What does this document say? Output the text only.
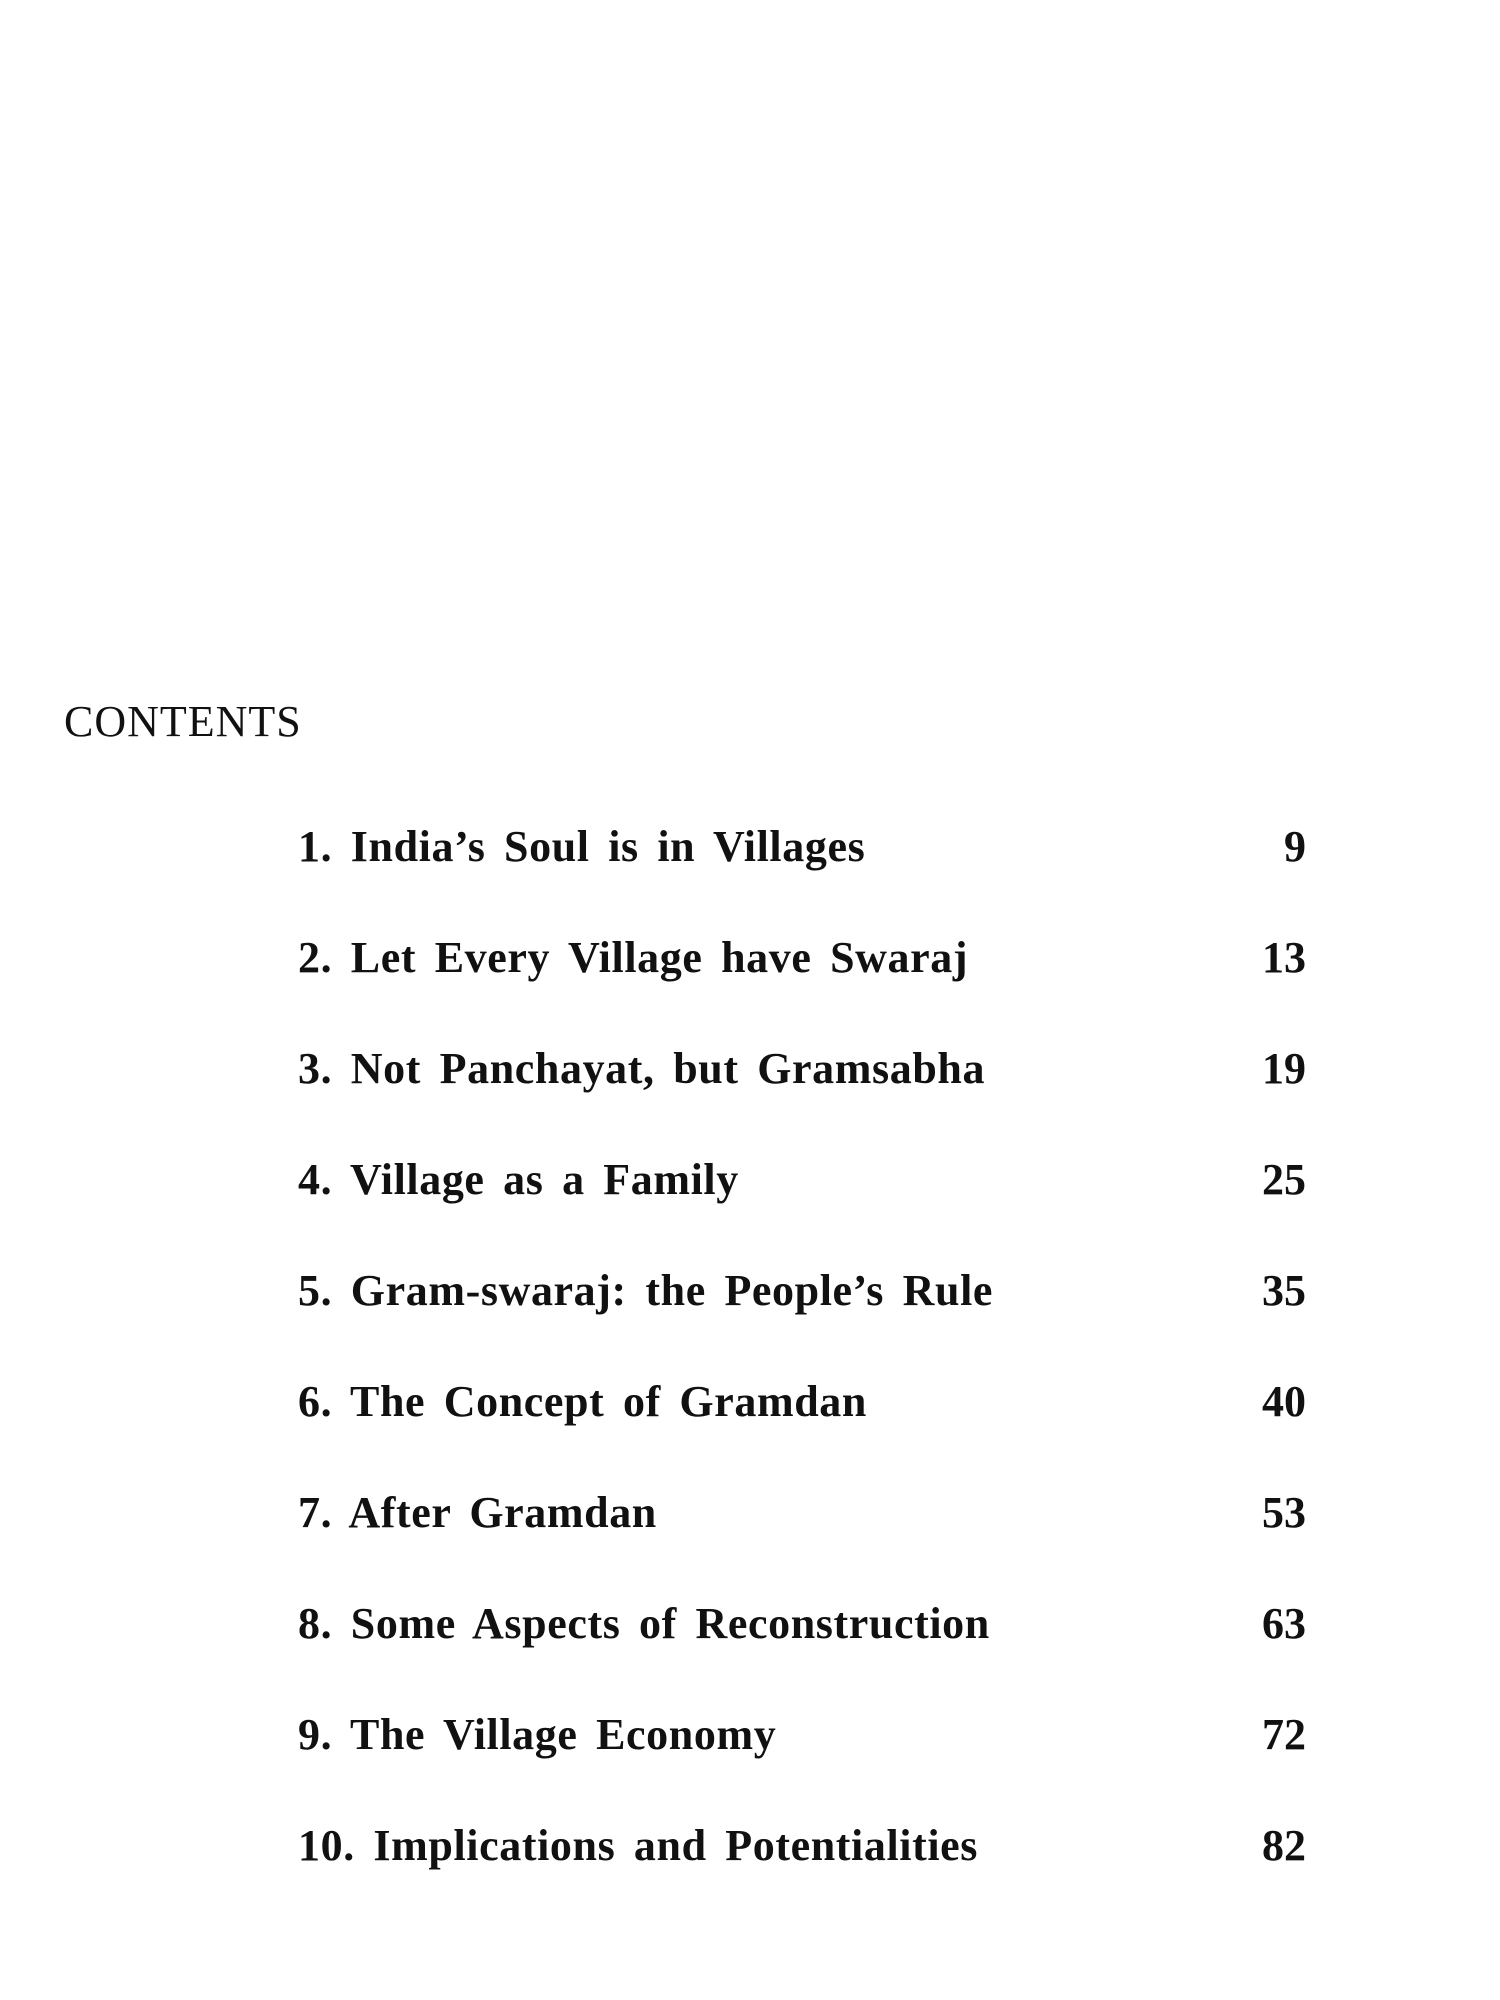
CONTENTS
1. India’s Soul is in Villages	9
2. Let Every Village have Swaraj	13
3. Not Panchayat, but Gramsabha	19
4. Village as a Family	25
5. Gram-swaraj: the People’s Rule	35
6. The Concept of Gramdan	40
7. After Gramdan	53
8. Some Aspects of Reconstruction	63
9. The Village Economy	72
10. Implications and Potentialities	82
